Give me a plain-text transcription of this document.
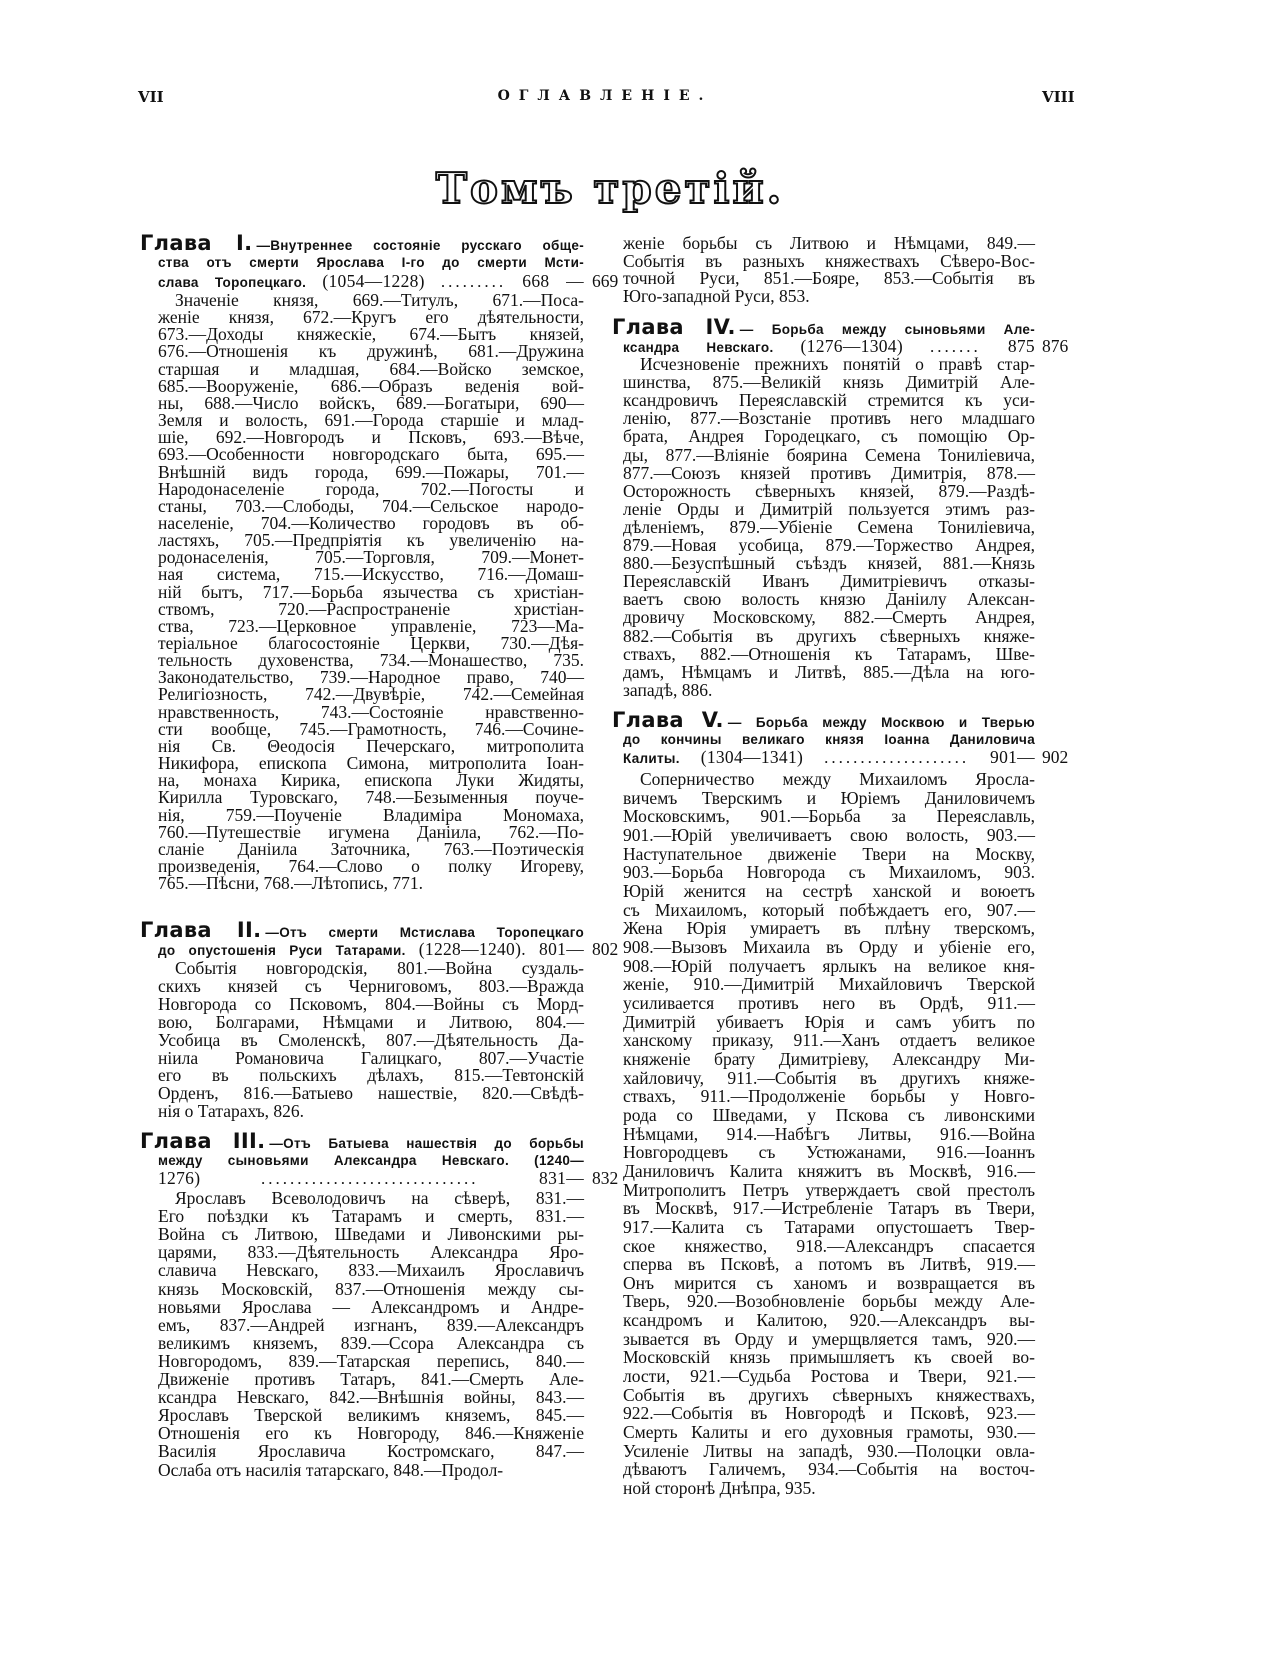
VII	ОГЛАВЛЕНІЕ.	VIII
Томъ третій.
женіе борьбы съ Литвою и Нѣмцами, 849.—
Событія въ разныхъ княжествахъ Сѣверо-Вос-
точной Руси, 851.—Бояре, 853.—Событія въ
Юго-западной Руси, 853.
Глава I. —Внутреннее состояніе русскаго обще-
ства отъ смерти Ярослава I-го до смерти Мсти-
слава Торопецкаго. (1054—1228) ......... 668 — 669
Значеніе князя, 669.—Титулъ, 671.—Поса-
женіе князя, 672.—Кругъ его дѣятельности,
673.—Доходы княжескіе, 674.—Бытъ князей,
676.—Отношенія къ дружинѣ, 681.—Дружина
старшая и младшая, 684.—Войско земское,
685.—Вооруженіе, 686.—Образъ веденія вой-
ны, 688.—Число войскъ, 689.—Богатыри, 690—
Земля и волость, 691.—Города старшіе и млад-
шіе, 692.—Новгородъ и Псковъ, 693.—Вѣче,
693.—Особенности новгородскаго быта, 695.—
Внѣшній видъ города, 699.—Пожары, 701.—
Народонаселеніе города, 702.—Погосты и
станы, 703.—Слободы, 704.—Сельское народо-
населеніе, 704.—Количество городовъ въ об-
ластяхъ, 705.—Предпріятія къ увеличенію на-
родонаселенія, 705.—Торговля, 709.—Монет-
ная система, 715.—Искусство, 716.—Домаш-
ній бытъ, 717.—Борьба язычества съ христіан-
ствомъ, 720.—Распространеніе христіан-
ства, 723.—Церковное управленіе, 723—Ма-
теріальное благосостояніе Церкви, 730.—Дѣя-
тельность духовенства, 734.—Монашество, 735.
Законодательство, 739.—Народное право, 740—
Религіозность, 742.—Двувѣріе, 742.—Семейная
нравственность, 743.—Состояніе нравственно-
сти вообще, 745.—Грамотность, 746.—Сочине-
нія Св. Θеодосія Печерскаго, митрополита
Никифора, епископа Симона, митрополита Іоан-
на, монаха Кирика, епископа Луки Жидяты,
Кирилла Туровскаго, 748.—Безыменныя поуче-
нія, 759.—Поученіе Владиміра Мономаха,
760.—Путешествіе игумена Даніила, 762.—По-
сланіе Даніила Заточника, 763.—Поэтическія
произведенія, 764.—Слово о полку Игореву,
765.—Пѣсни, 768.—Лѣтопись, 771.
Глава II. —Отъ смерти Мстислава Торопецкаго
до опустошенія Руси Татарами. (1228—1240). 801— 802
Событія новгородскія, 801.—Война суздаль-
скихъ князей съ Черниговомъ, 803.—Вражда
Новгорода со Псковомъ, 804.—Войны съ Морд-
вою, Болгарами, Нѣмцами и Литвою, 804.—
Усобица въ Смоленскѣ, 807.—Дѣятельность Да-
ніила Романовича Галицкаго, 807.—Участіе
его въ польскихъ дѣлахъ, 815.—Тевтонскій
Орденъ, 816.—Батыево нашествіе, 820.—Свѣдѣ-
нія о Татарахъ, 826.
Глава III. —Отъ Батыева нашествія до борьбы
между сыновьями Александра Невскаго. (1240—
1276)	..............................	831— 832
Ярославъ Всеволодовичъ на сѣверѣ, 831.—
Его поѣздки къ Татарамъ и смерть, 831.—
Война съ Литвою, Шведами и Ливонскими ры-
царями, 833.—Дѣятельность Александра Яро-
славича Невскаго, 833.—Михаилъ Ярославичъ
князь Московскій, 837.—Отношенія между сы-
новьями Ярослава — Александромъ и Андре-
емъ, 837.—Андрей изгнанъ, 839.—Александръ
великимъ княземъ, 839.—Ссора Александра съ
Новгородомъ, 839.—Татарская перепись, 840.—
Движеніе противъ Татаръ, 841.—Смерть Але-
ксандра Невскаго, 842.—Внѣшнія войны, 843.—
Ярославъ Тверской великимъ княземъ, 845.—
Отношенія его къ Новгороду, 846.—Княженіе
Василія Ярославича Костромскаго, 847.—
Ослаба отъ насилія татарскаго, 848.—Продол-
Глава IV. — Борьба между сыновьями Але-
ксандра Невскаго. (1276—1304) ....... 875 876
Исчезновеніе прежнихъ понятій о правѣ стар-
шинства, 875.—Великій князь Димитрій Але-
ксандровичъ Переяславскій стремится къ уси-
ленію, 877.—Возстаніе противъ него младшаго
брата, Андрея Городецкаго, съ помощію Ор-
ды, 877.—Вліяніе боярина Семена Тониліевича,
877.—Союзъ князей противъ Димитрія, 878.—
Осторожность сѣверныхъ князей, 879.—Раздѣ-
леніе Орды и Димитрій пользуется этимъ раз-
дѣленіемъ, 879.—Убіеніе Семена Тониліевича,
879.—Новая усобица, 879.—Торжество Андрея,
880.—Безуспѣшный съѣздъ князей, 881.—Князь
Переяславскій Иванъ Димитріевичъ отказы-
ваетъ свою волость князю Даніилу Алексан-
дровичу Московскому, 882.—Смерть Андрея,
882.—Событія въ другихъ сѣверныхъ княже-
ствахъ, 882.—Отношенія къ Татарамъ, Шве-
дамъ, Нѣмцамъ и Литвѣ, 885.—Дѣла на юго-
западѣ, 886.
Глава V. — Борьба между Москвою и Тверью
до кончины великаго князя Іоанна Даниловича
Калиты. (1304—1341) .................... 901— 902
Соперничество между Михаиломъ Яросла-
вичемъ Тверскимъ и Юріемъ Даниловичемъ
Московскимъ, 901.—Борьба за Переяславль,
901.—Юрій увеличиваетъ свою волость, 903.—
Наступательное движеніе Твери на Москву,
903.—Борьба Новгорода съ Михаиломъ, 903.
Юрій женится на сестрѣ ханской и воюетъ
съ Михаиломъ, который побѣждаетъ его, 907.—
Жена Юрія умираетъ въ плѣну тверскомъ,
908.—Вызовъ Михаила въ Орду и убіеніе его,
908.—Юрій получаетъ ярлыкъ на великое кня-
женіе, 910.—Димитрій Михайловичъ Тверской
усиливается противъ него въ Ордѣ, 911.—
Димитрій убиваетъ Юрія и самъ убитъ по
ханскому приказу, 911.—Ханъ отдаетъ великое
княженіе брату Димитріеву, Александру Ми-
хайловичу, 911.—Событія въ другихъ княже-
ствахъ, 911.—Продолженіе борьбы у Новго-
рода со Шведами, у Пскова съ ливонскими
Нѣмцами, 914.—Набѣгъ Литвы, 916.—Война
Новгородцевъ съ Устюжанами, 916.—Іоаннъ
Даниловичъ Калита княжитъ въ Москвѣ, 916.—
Митрополитъ Петръ утверждаетъ свой престолъ
въ Москвѣ, 917.—Истребленіе Татаръ въ Твери,
917.—Калита съ Татарами опустошаетъ Твер-
ское княжество, 918.—Александръ спасается
сперва въ Псковѣ, а потомъ въ Литвѣ, 919.—
Онъ мирится съ ханомъ и возвращается въ
Тверь, 920.—Возобновленіе борьбы между Але-
ксандромъ и Калитою, 920.—Александръ вы-
зывается въ Орду и умерщвляется тамъ, 920.—
Московскій князь примышляетъ къ своей во-
лости, 921.—Судьба Ростова и Твери, 921.—
Событія въ другихъ сѣверныхъ княжествахъ,
922.—Событія въ Новгородѣ и Псковѣ, 923.—
Смерть Калиты и его духовныя грамоты, 930.—
Усиленіе Литвы на западѣ, 930.—Полоцки овла-
дѣваютъ Галичемъ, 934.—Событія на восточ-
ной сторонѣ Днѣпра, 935.
